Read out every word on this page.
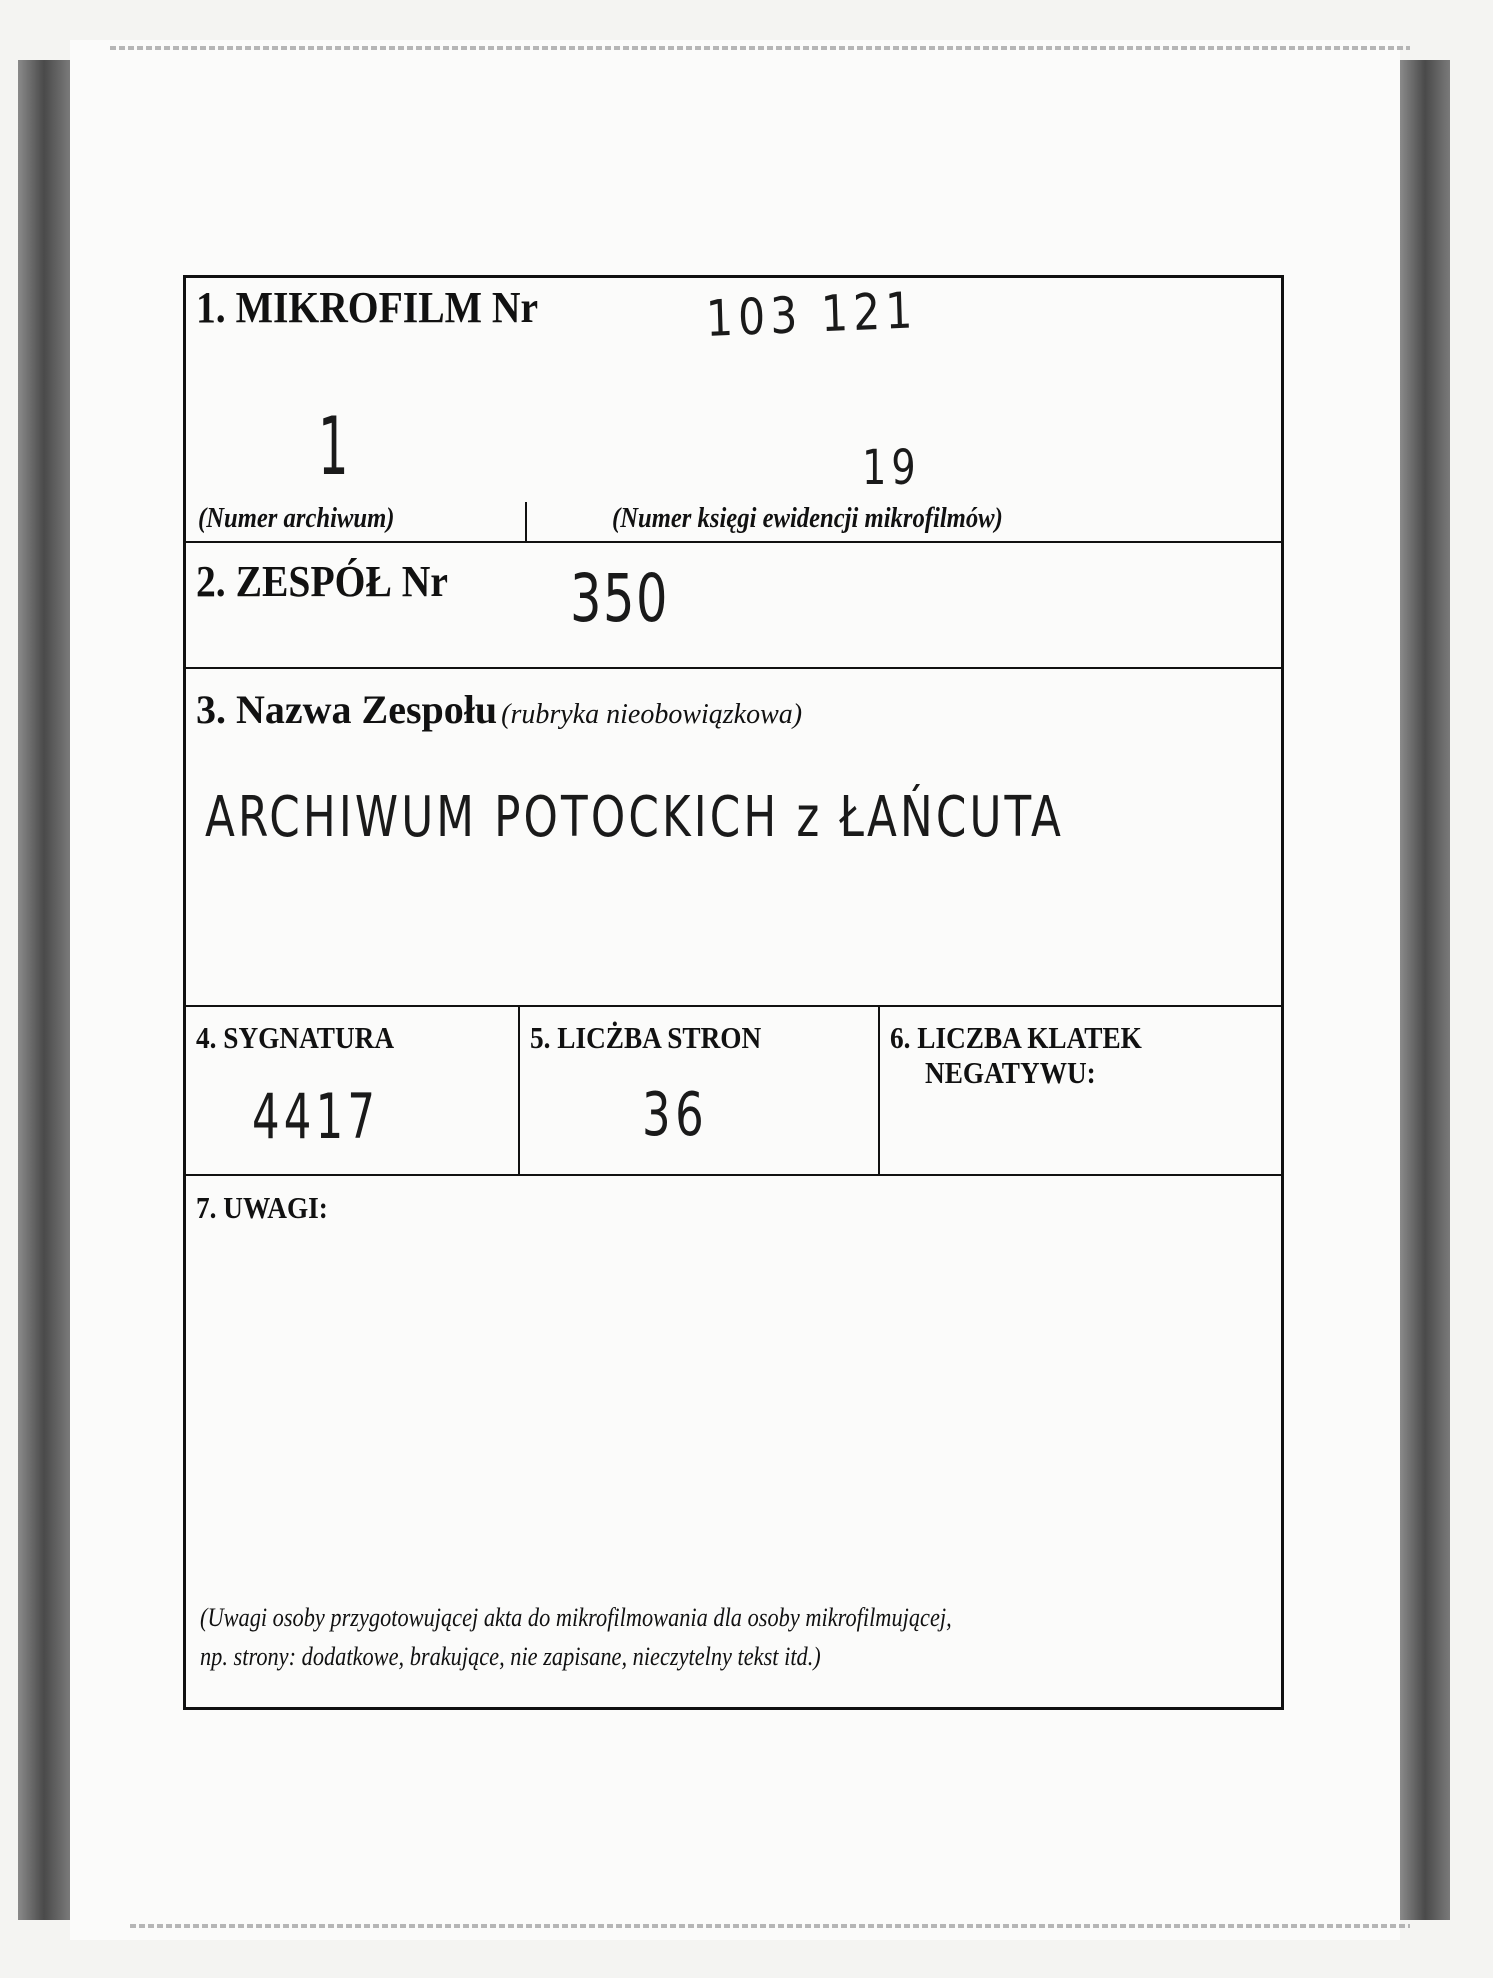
1. MIKROFILM Nr	103 121
1	19
(Numer archiwum)	(Numer księgi ewidencji mikrofilmów)
2. ZESPÓŁ Nr 350
3. Nazwa Zespołu (rubryka nieobowiązkowa)
ARCHIWUM POTOCKICH z ŁAŃCUTA
4. SYGNATURA
4417
5. LICŻBA STRON
36
6. LICZBA KLATEK
NEGATYWU:
7. UWAGI:
(Uwagi osoby przygotowującej akta do mikrofilmowania dla osoby mikrofilmującej,
np. strony: dodatkowe, brakujące, nie zapisane, nieczytelny tekst itd.)
